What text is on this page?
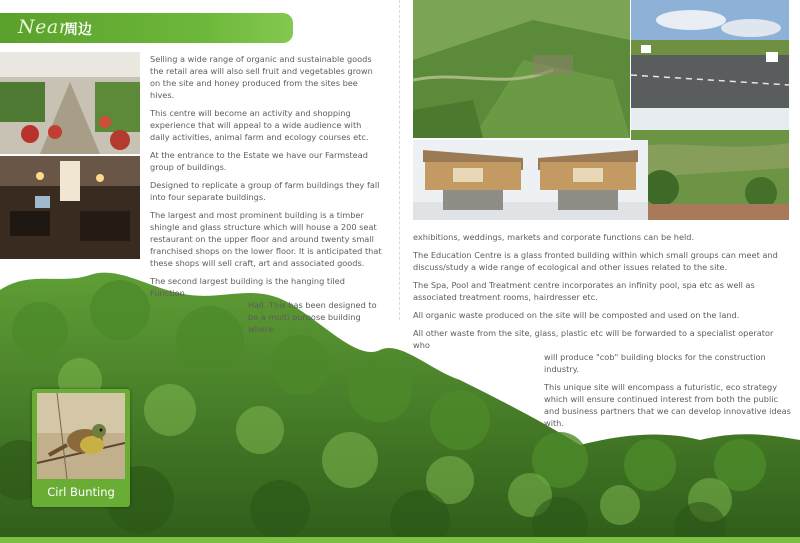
Near
周边

Selling a wide range of organic and sustainable goods the retail area will also sell fruit and vegetables grown on the site and honey produced from the sites bee hives.

This centre will become an activity and shopping experience that will appeal to a wide audience with daily activities, animal farm and ecology courses etc.

At the entrance to the Estate we have our Farmstead group of buildings.

Designed to replicate a group of farm buildings they fall into four separate buildings.

The largest and most prominent building is a timber shingle and glass structure which will house a 200 seat restaurant on the upper floor and around twenty small franchised shops on the lower floor. It is anticipated that these shops will sell craft, art and associated goods.

The second largest building is the hanging tiled Function

Hall. This has been designed to be a multi purpose building where

exhibitions, weddings, markets and corporate functions can be held.

The Education Centre is a glass fronted building within which small groups can meet and discuss/study a wide range of ecological and other issues related to the site.

The Spa, Pool and Treatment centre incorporates an infinity pool, spa etc as well as associated treatment rooms, hairdresser etc.

All organic waste produced on the site will be composted and used on the land.

All other waste from the site, glass, plastic etc will be forwarded to a specialist operator who

will produce "cob" building blocks for the construction industry.

This unique site will encompass a futuristic, eco strategy which will ensure continued interest from both the public and business partners that we can develop innovative ideas with.

Cirl Bunting
